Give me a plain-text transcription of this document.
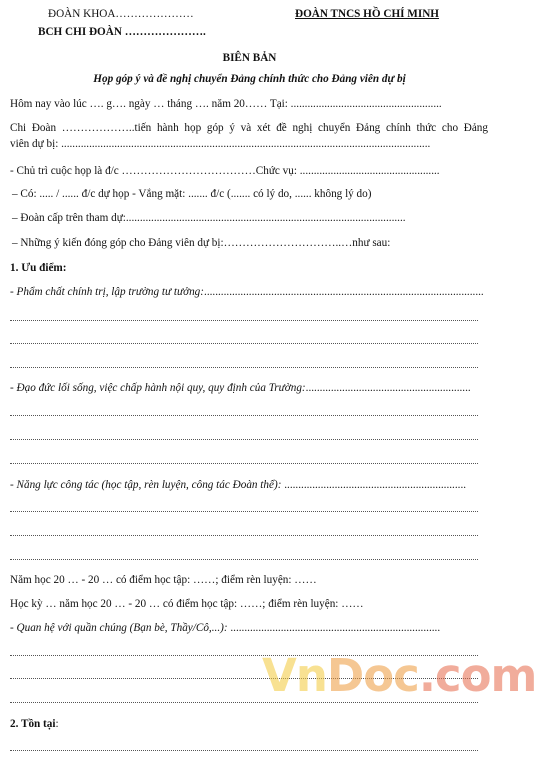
ĐOÀN KHOA…………………
BCH CHI ĐOÀN ………………….
ĐOÀN TNCS HỒ CHÍ MINH
BIÊN BẢN
Họp góp ý và đề nghị chuyển Đảng chính thức cho Đảng viên dự bị
Hôm nay vào lúc …. g…. ngày … tháng …. năm 20…… Tại: ......................................................
Chi Đoàn ………………..tiến hành họp góp ý và xét đề nghị chuyển Đảng chính thức cho Đảng
viên dự bị: ....................................................................................................................................
- Chủ trì cuộc họp là đ/c ………………………………Chức vụ: ..................................................
– Có: ..... / ...... đ/c dự họp - Vắng mặt: ....... đ/c (....... có lý do, ...... không lý do)
– Đoàn cấp trên tham dự:....................................................................................................
– Những ý kiến đóng góp cho Đảng viên dự bị:…………………………..…như sau:
1. Ưu điểm:
- Phẩm chất chính trị, lập trường tư tưởng:....................................................................................................
- Đạo đức lối sống, việc chấp hành nội quy, quy định của Trường:...........................................................
- Năng lực công tác (học tập, rèn luyện, công tác Đoàn thể): .................................................................
Năm học 20 … - 20 … có điểm học tập: ……; điểm rèn luyện: ……
Học kỳ … năm học 20 … - 20 … có điểm học tập: ……; điểm rèn luyện: ……
- Quan hệ với quần chúng (Bạn bè, Thầy/Cô,...): ...........................................................................
2. Tồn tại:
VnDoc.com
